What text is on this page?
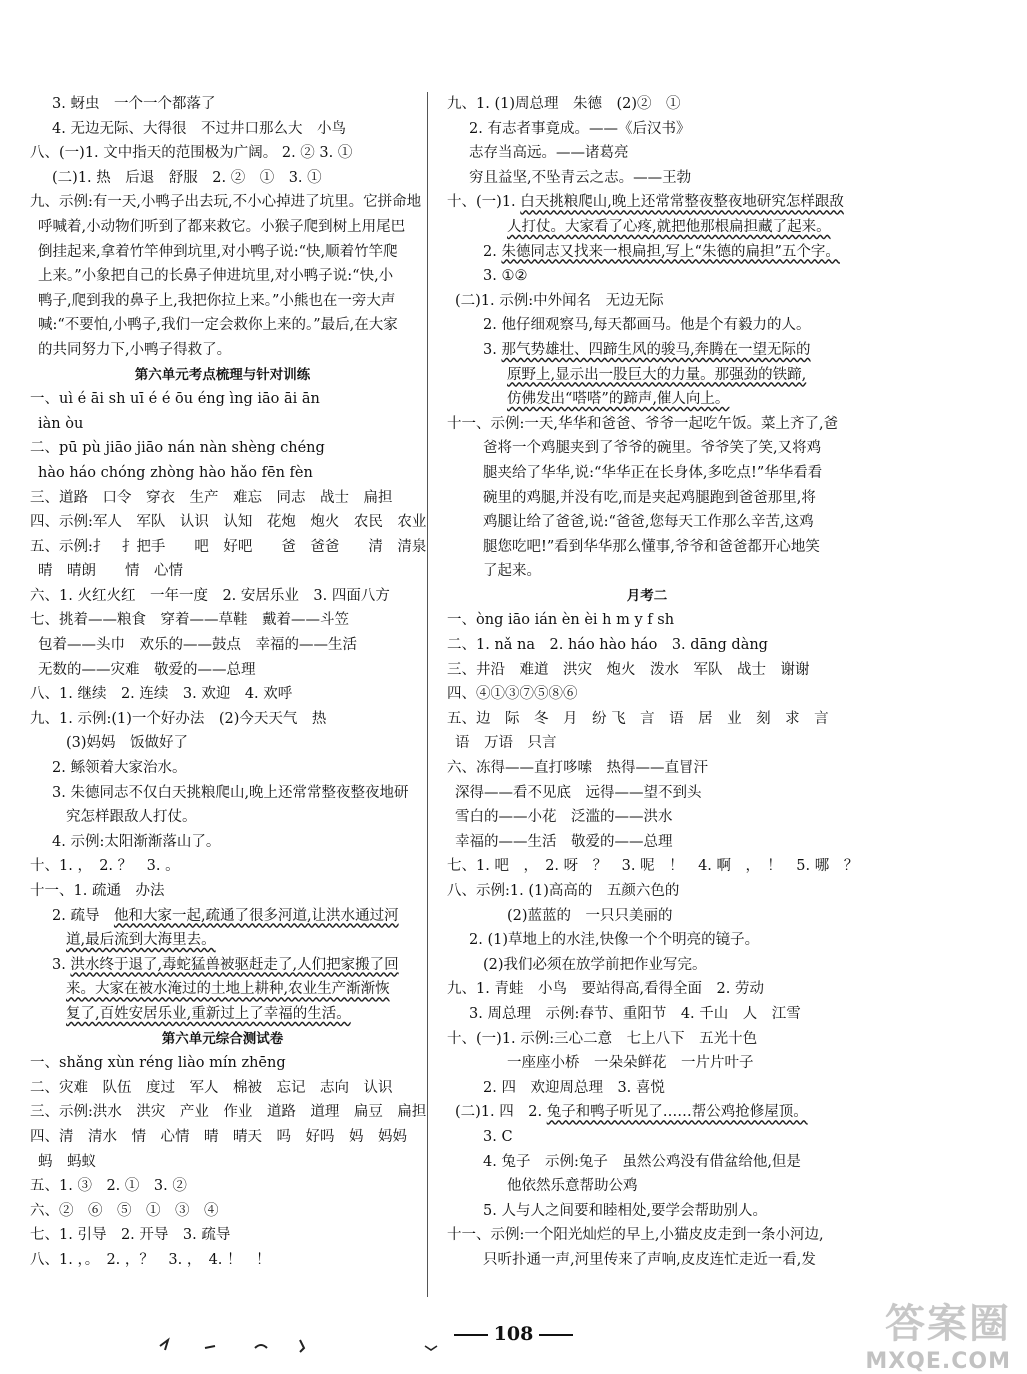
3. 蚜虫　一个一个都落了
4. 无边无际、大得很　不过井口那么大　小鸟
八、(一)1. 文中指天的范围极为广阔。 2. ② 3. ①
(二)1. 热　后退　舒服　2. ②　①　3. ①
九、示例:有一天,小鸭子出去玩,不小心掉进了坑里。它拼命地
呼喊着,小动物们听到了都来救它。小猴子爬到树上用尾巴
倒挂起来,拿着竹竿伸到坑里,对小鸭子说:“快,顺着竹竿爬
上来。”小象把自己的长鼻子伸进坑里,对小鸭子说:“快,小
鸭子,爬到我的鼻子上,我把你拉上来。”小熊也在一旁大声
喊:“不要怕,小鸭子,我们一定会救你上来的。”最后,在大家
的共同努力下,小鸭子得救了。
第六单元考点梳理与针对训练
一、uì é āi sh uī é é ōu éng ìng iāo āi ān
iàn òu
二、pū pù jiāo jiāo nán nàn shèng chéng
hào háo chóng zhòng hào hǎo fēn fèn
三、道路　口令　穿衣　生产　难忘　同志　战士　扁担
四、示例:军人　军队　认识　认知　花炮　炮火　农民　农业
五、示例:扌　扌把手　　吧　好吧　　爸　爸爸　　清　清泉
晴　晴朗　　情　心情
六、1. 火红火红　一年一度　2. 安居乐业　3. 四面八方
七、挑着——粮食　穿着——草鞋　戴着——斗笠
包着——头巾　欢乐的——鼓点　幸福的——生活
无数的——灾难　敬爱的——总理
八、1. 继续　2. 连续　3. 欢迎　4. 欢呼
九、1. 示例:(1)一个好办法　(2)今天天气　热
(3)妈妈　饭做好了
2. 鲧领着大家治水。
3. 朱德同志不仅白天挑粮爬山,晚上还常常整夜整夜地研
究怎样跟敌人打仗。
4. 示例:太阳渐渐落山了。
十、1. ，　2. ？　3. 。
十一、1. 疏通　办法
2. 疏导　他和大家一起,疏通了很多河道,让洪水通过河
道,最后流到大海里去。
3. 洪水终于退了,毒蛇猛兽被驱赶走了,人们把家搬了回
来。大家在被水淹过的土地上耕种,农业生产渐渐恢
复了,百姓安居乐业,重新过上了幸福的生活。
第六单元综合测试卷
一、shǎng xùn réng liào mín zhēng
二、灾难　队伍　度过　军人　棉被　忘记　志向　认识
三、示例:洪水　洪灾　产业　作业　道路　道理　扁豆　扁担
四、清　清水　情　心情　晴　晴天　吗　好吗　妈　妈妈
蚂　蚂蚁
五、1. ③　2. ①　3. ②
六、②　⑥　⑤　①　③　④
七、1. 引导　2. 开导　3. 疏导
八、1. ，。　2. ，？　3. ，　4. ！　！
九、1. (1)周总理　朱德　(2)②　①
2. 有志者事竟成。——《后汉书》
志存当高远。——诸葛亮
穷且益坚,不坠青云之志。——王勃
十、(一)1. 白天挑粮爬山,晚上还常常整夜整夜地研究怎样跟敌
人打仗。大家看了心疼,就把他那根扁担藏了起来。
2. 朱德同志又找来一根扁担,写上“朱德的扁担”五个字。
3. ①②
(二)1. 示例:中外闻名　无边无际
2. 他仔细观察马,每天都画马。他是个有毅力的人。
3. 那气势雄壮、四蹄生风的骏马,奔腾在一望无际的
原野上,显示出一股巨大的力量。那强劲的铁蹄,
仿佛发出“嗒嗒”的蹄声,催人向上。
十一、示例:一天,华华和爸爸、爷爷一起吃午饭。菜上齐了,爸
爸将一个鸡腿夹到了爷爷的碗里。爷爷笑了笑,又将鸡
腿夹给了华华,说:“华华正在长身体,多吃点!”华华看看
碗里的鸡腿,并没有吃,而是夹起鸡腿跑到爸爸那里,将
鸡腿让给了爸爸,说:“爸爸,您每天工作那么辛苦,这鸡
腿您吃吧!”看到华华那么懂事,爷爷和爸爸都开心地笑
了起来。
月考二
一、òng iāo ián èn èi h m y f sh
二、1. nǎ na　2. háo hào háo　3. dāng dàng
三、井沿　难道　洪灾　炮火　泼水　军队　战士　谢谢
四、④①③⑦⑤⑧⑥
五、边　际　冬　月　纷 飞　言　语　居　业　刻　求　言
语　万语　只言
六、冻得——直打哆嗦　热得——直冒汗
深得——看不见底　远得——望不到头
雪白的——小花　泛滥的——洪水
幸福的——生活　敬爱的——总理
七、1. 吧　，　2. 呀　？　3. 呢　！　4. 啊　，　！　5. 哪　？
八、示例:1. (1)高高的　五颜六色的
(2)蓝蓝的　一只只美丽的
2. (1)草地上的水洼,快像一个个明亮的镜子。
(2)我们必须在放学前把作业写完。
九、1. 青蛙　小鸟　要站得高,看得全面　2. 劳动
3. 周总理　示例:春节、重阳节　4. 千山　人　江雪
十、(一)1. 示例:三心二意　七上八下　五光十色
一座座小桥　一朵朵鲜花　一片片叶子
2. 四　欢迎周总理　3. 喜悦
(二)1. 四　2. 兔子和鸭子听见了……帮公鸡抢修屋顶。
3. C
4. 兔子　示例:兔子　虽然公鸡没有借盆给他,但是
他依然乐意帮助公鸡
5. 人与人之间要和睦相处,要学会帮助别人。
十一、示例:一个阳光灿烂的早上,小猫皮皮走到一条小河边,
只听扑通一声,河里传来了声响,皮皮连忙走近一看,发
108	答案圈
MXQE.COM
